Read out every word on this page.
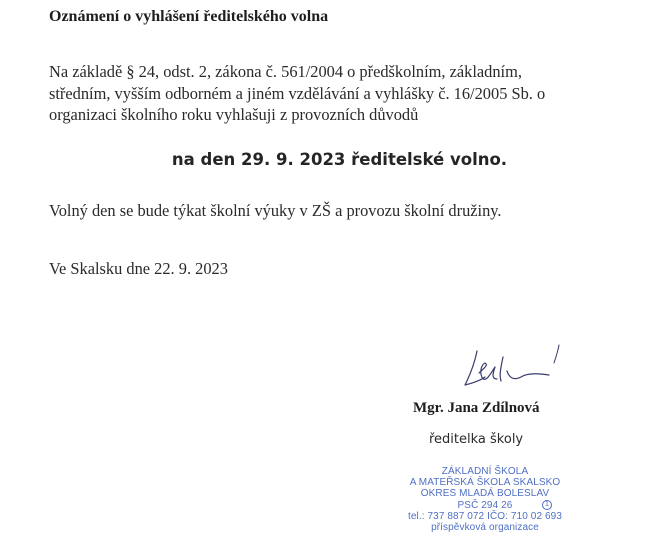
Oznámení o vyhlášení ředitelského volna
Na základě § 24, odst. 2, zákona č. 561/2004 o předškolním, základním,
středním, vyšším odborném a jiném vzdělávání a vyhlášky č. 16/2005 Sb. o
organizaci školního roku vyhlašuji z provozních důvodů
na den 29. 9. 2023 ředitelské volno.
Volný den se bude týkat školní výuky v ZŠ a provozu školní družiny.
Ve Skalsku dne 22. 9. 2023
Mgr. Jana Zdílnová
ředitelka školy
ZÁKLADNÍ ŠKOLA
A MATEŘSKÁ ŠKOLA SKALSKO
OKRES MLADÁ BOLESLAV
PSČ 294 26	1
tel.: 737 887 072 IČO: 710 02 693
příspěvková organizace
